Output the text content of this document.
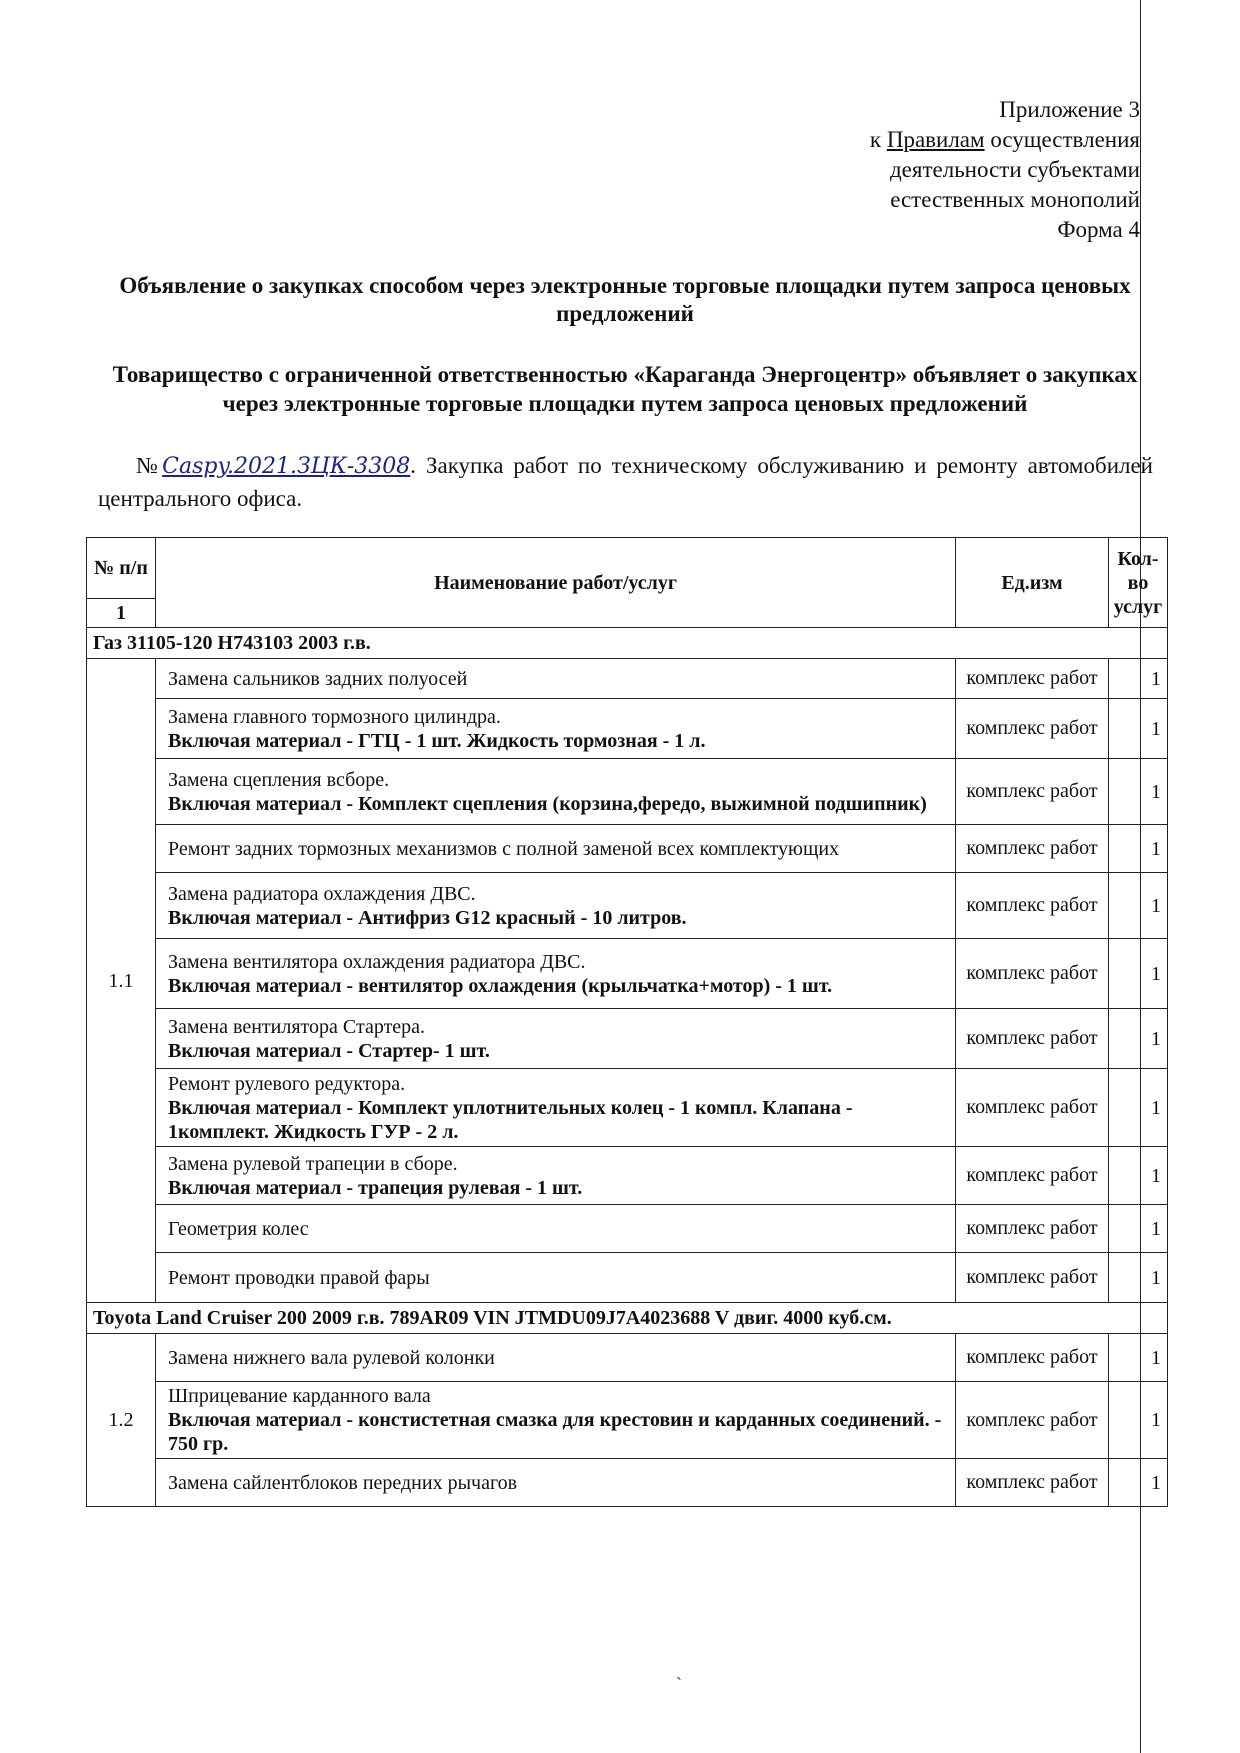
Приложение 3
к Правилам осуществления
деятельности субъектами
естественных монополий
Форма 4
Объявление о закупках способом через электронные торговые площадки путем запроса ценовых предложений
Товарищество с ограниченной ответственностью «Караганда Энергоцентр» объявляет о закупках через электронные торговые площадки путем запроса ценовых предложений
№Caspy.2021.ЗЦК-3308. Закупка работ по техническому обслуживанию и ремонту автомобилей центрального офиса.
№ п/п	Наименование работ/услуг	Ед.изм	Кол-во услуг
1			
Газ 31105-120 Н743103 2003 г.в.			
1.1	Замена сальников задних полуосей	комплекс работ	1

	Замена главного тормозного цилиндра.
Включая материал - ГТЦ - 1 шт. Жидкость тормозная - 1 л.	комплекс работ	1

	Замена сцепления всборе.
Включая материал - Комплект сцепления (корзина,фередо, выжимной подшипник)	комплекс работ	1

	Ремонт задних тормозных механизмов с полной заменой всех комплектующих	комплекс работ	1

	Замена радиатора охлаждения ДВС.
Включая материал - Антифриз G12 красный - 10 литров.	комплекс работ	1

	Замена вентилятора охлаждения радиатора ДВС.
Включая материал - вентилятор охлаждения (крыльчатка+мотор) - 1 шт.	комплекс работ	1

	Замена вентилятора Стартера.
Включая материал - Стартер- 1 шт.	комплекс работ	1

	Ремонт рулевого редуктора.
Включая материал - Комплект уплотнительных колец - 1 компл. Клапана - 1комплект. Жидкость ГУР - 2 л.	комплекс работ	1

	Замена рулевой трапеции в сборе.
Включая материал - трапеция рулевая - 1 шт.	комплекс работ	1

	Геометрия колес	комплекс работ	1

	Ремонт проводки правой фары	комплекс работ	1
Toyota Land Cruiser 200 2009 г.в. 789AR09 VIN JTMDU09J7A4023688 V двиг. 4000 куб.см.			
1.2	Замена нижнего вала рулевой колонки	комплекс работ	1

	Шприцевание карданного вала
Включая материал - констистетная смазка для крестовин и карданных соединений. - 750 гр.	комплекс работ	1

	Замена сайлентблоков передних рычагов	комплекс работ	1
ˏ
